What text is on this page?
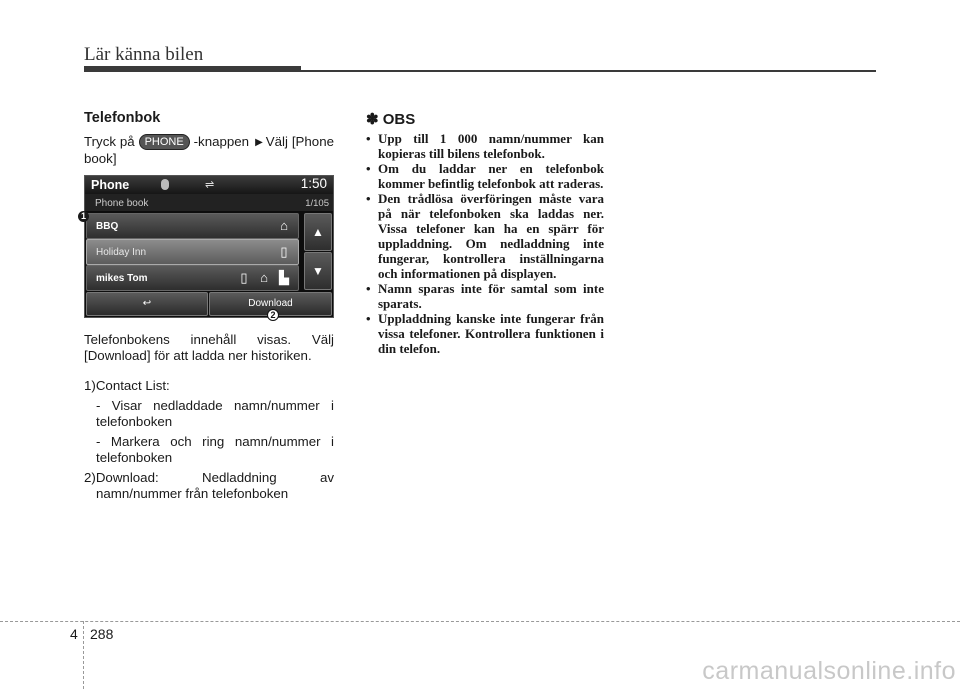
Lär känna bilen
Telefonbok

Tryck på PHONE -knappen ▶ Välj [Phone book]

Phone	⇌	1:50
Phone book	1/105
BBQ	⌂
Holiday Inn	▯
mikes Tom	▯ ⌂ ▙
▲
▼
↩	Download
Telefonbokens innehåll visas. Välj [Download] för att ladda ner historiken.

1)Contact List:

- Visar nedladdade namn/nummer i telefonboken

- Markera och ring namn/nummer i telefonboken

2)Download: Nedladdning av

namn/nummer från telefonboken

1
2
✽ OBS

• Upp till 1 000 namn/nummer kan kopieras till bilens telefonbok.

• Om du laddar ner en telefonbok kommer befintlig telefonbok att raderas.

• Den trådlösa överföringen måste vara på när telefonboken ska laddas ner. Vissa telefoner kan ha en spärr för uppladdning. Om nedladdning inte fungerar, kontrollera inställningarna och informationen på displayen.

• Namn sparas inte för samtal som inte sparats.

• Uppladdning kanske inte fungerar från vissa telefoner. Kontrollera funktionen i din telefon.

4 288
carmanualsonline.info
